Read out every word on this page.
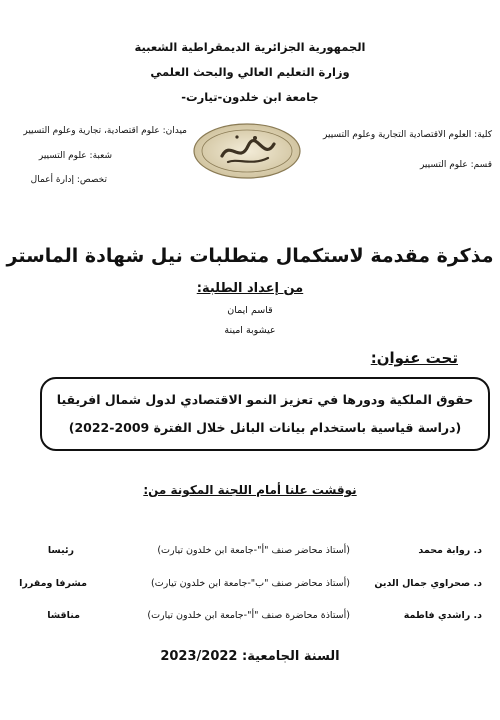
الجمهورية الجزائرية الديمقراطية الشعبية
وزارة التعليم العالي والبحث العلمي
جامعة ابن خلدون-تيارت-
كلية: العلوم الاقتصادية التجارية وعلوم التسيير
قسم: علوم التسيير
ميدان: علوم اقتصادية، تجارية وعلوم التسيير
شعبة: علوم التسيير
تخصص: إدارة أعمال
مذكرة مقدمة لاستكمال متطلبات نيل شهادة الماستر
من إعداد الطلبة:
قاسم ايمان
عيشوبة امينة
تحت عنوان:
حقوق الملكية ودورها في تعزيز النمو الاقتصادي لدول شمال افريقيا
(دراسة قياسية باستخدام بيانات البانل خلال الفترة 2009-2022)
نوقشت علنا أمام اللجنة المكونة من:
د. روابة محمد
(أستاذ محاضر صنف "أ"-جامعة ابن خلدون تيارت)
رئيسا
د. صحراوي جمال الدين
(أستاذ محاضر صنف "ب"-جامعة ابن خلدون تيارت)
مشرفا ومقررا
د. راشدي فاطمة
(أستاذة محاضرة صنف "أ"-جامعة ابن خلدون تيارت)
مناقشا
السنة الجامعية: 2023/2022
